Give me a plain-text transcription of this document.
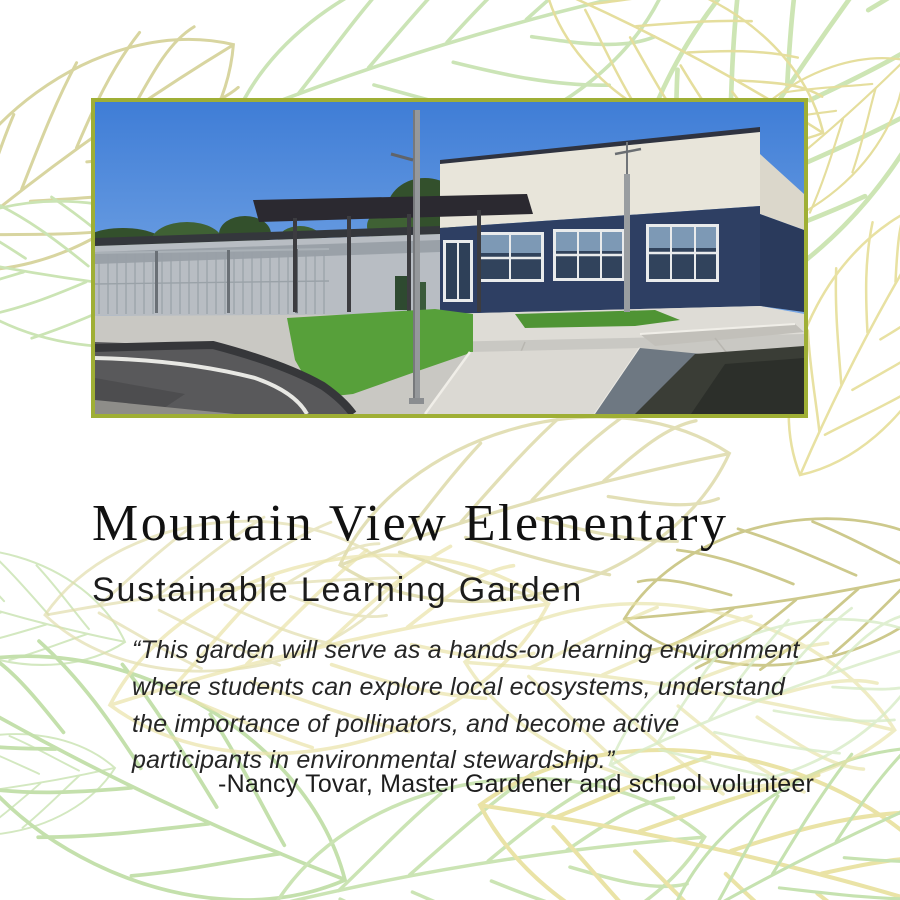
Mountain View Elementary
Sustainable Learning Garden
“This garden will serve as a hands-on learning environment
where students can explore local ecosystems, understand
the importance of pollinators, and become active
participants in environmental stewardship.”
-Nancy Tovar, Master Gardener and school volunteer
